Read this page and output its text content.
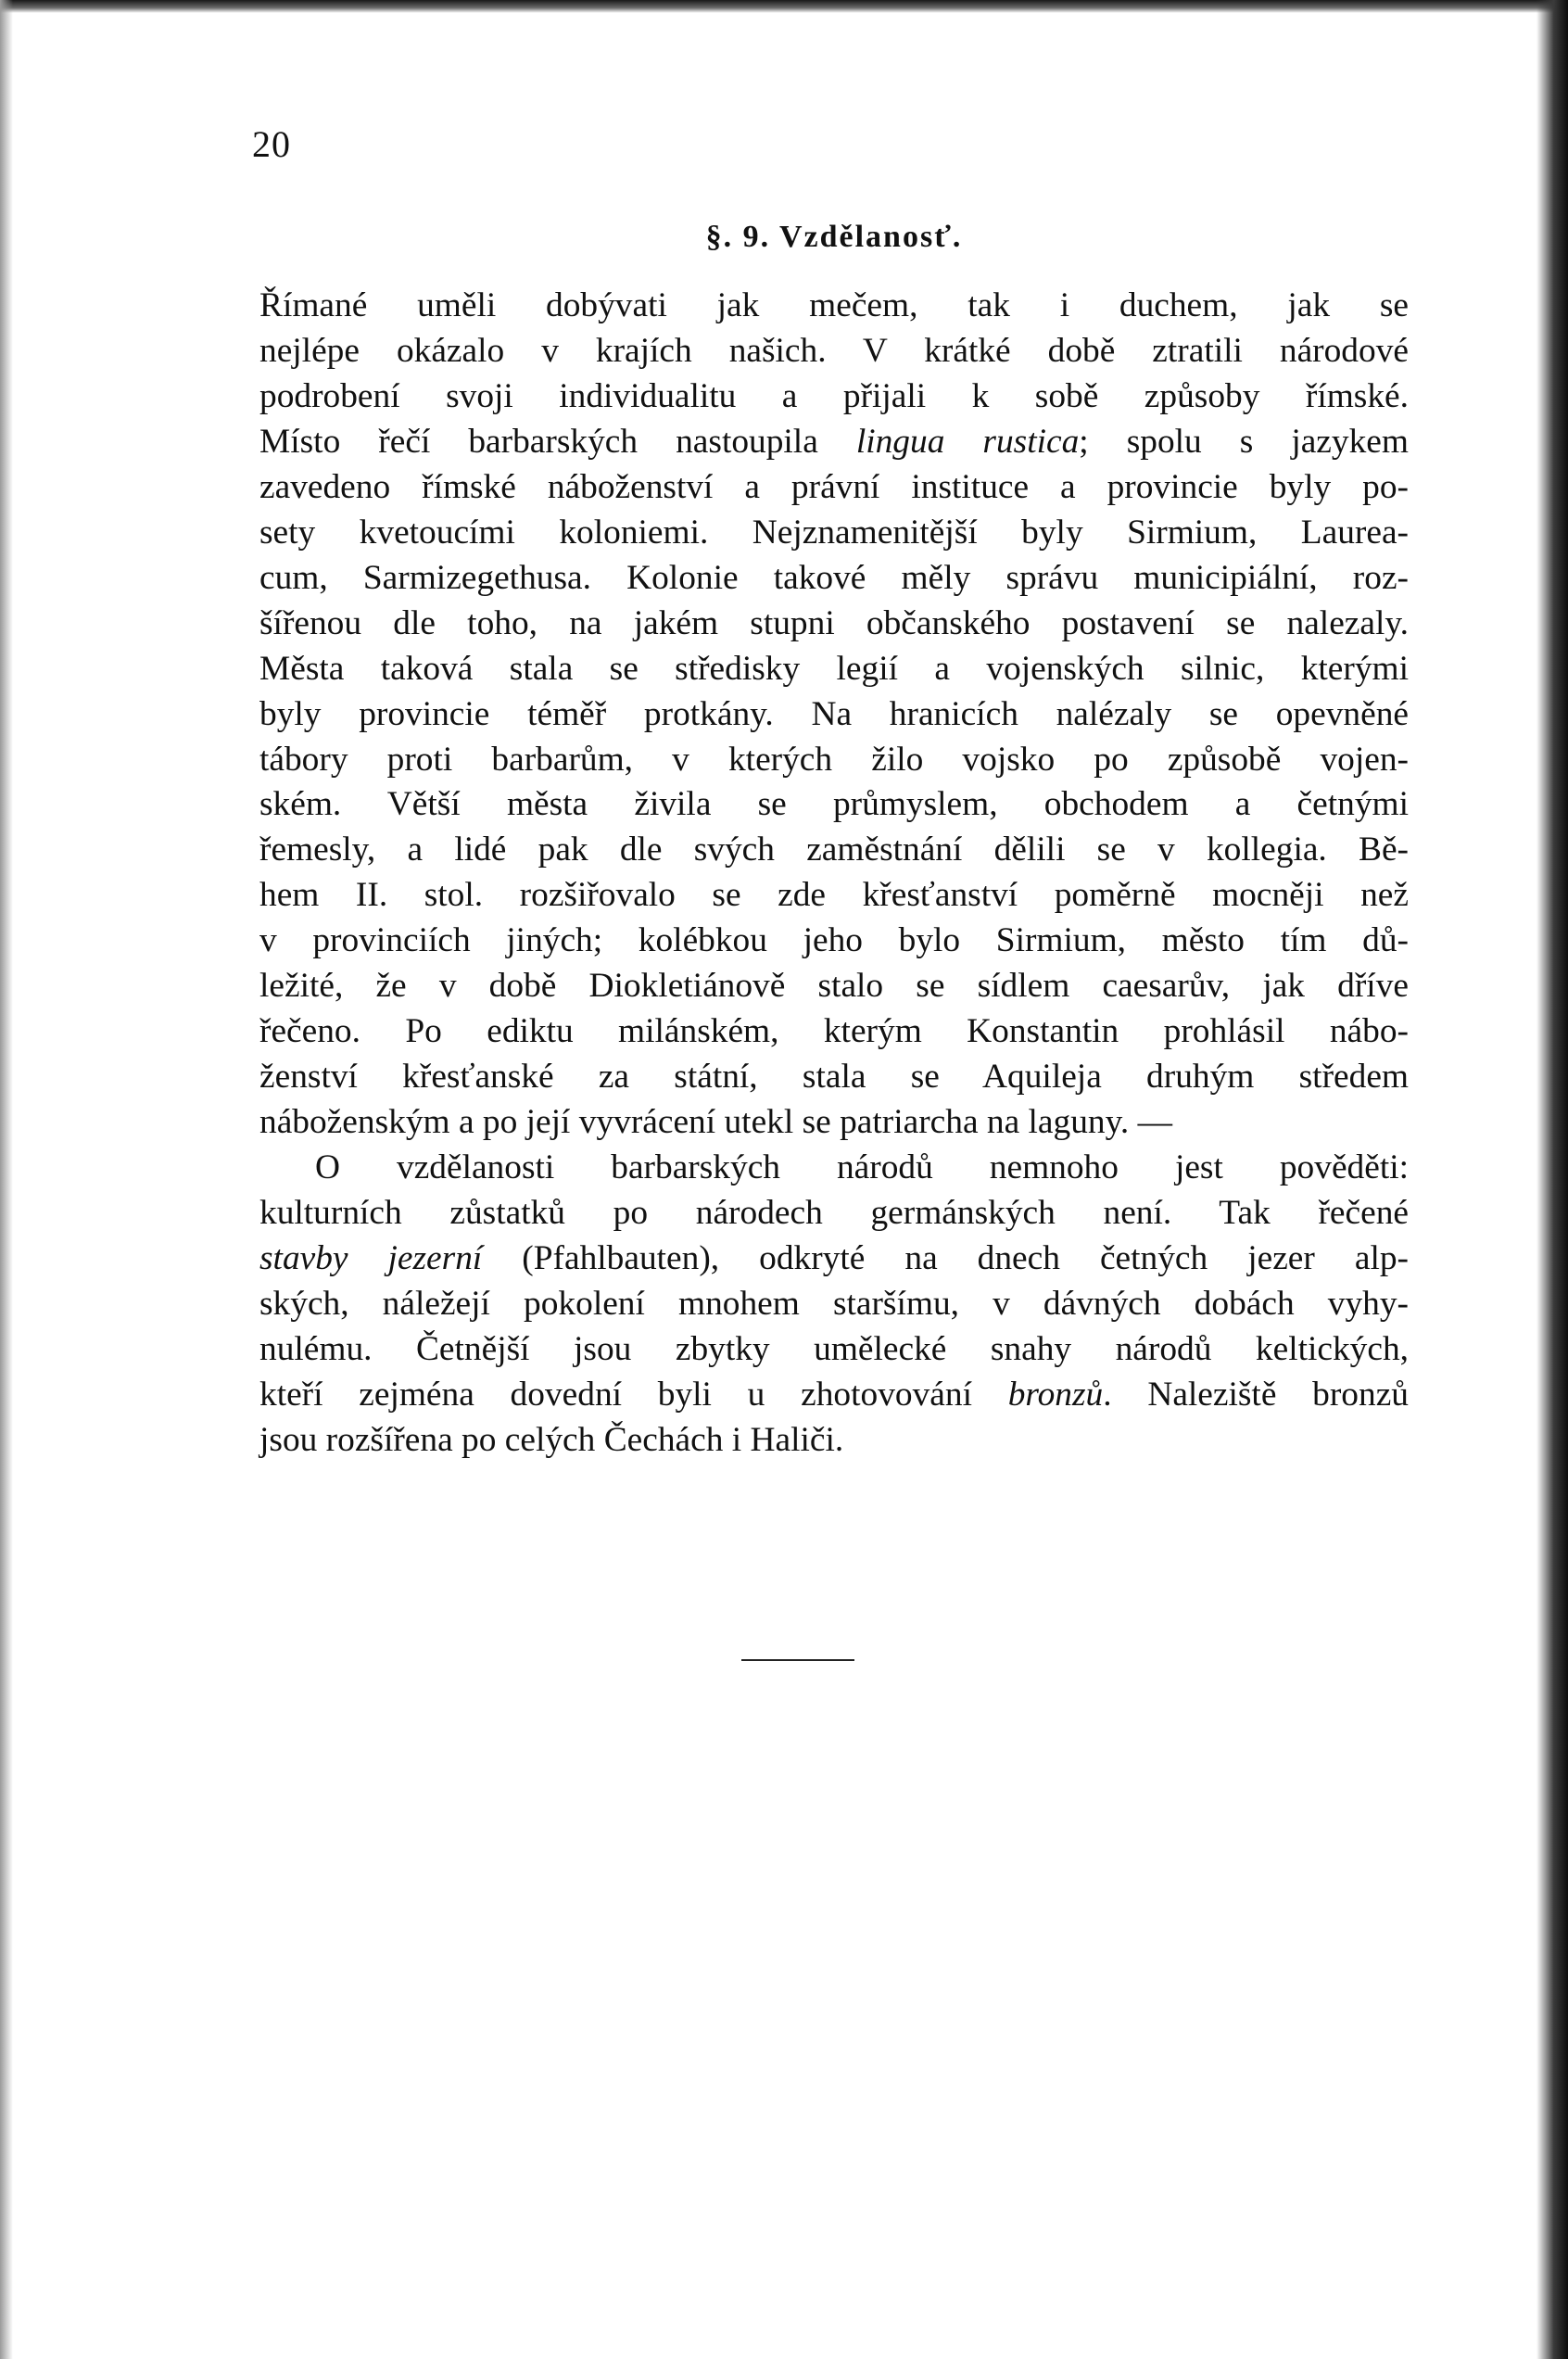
20
§. 9. Vzdělanosť.
Římané uměli dobývati jak mečem, tak i duchem, jak se
nejlépe okázalo v krajích našich. V krátké době ztratili národové
podrobení svoji individualitu a přijali k sobě způsoby římské.
Místo řečí barbarských nastoupila lingua rustica; spolu s jazykem
zavedeno římské náboženství a právní instituce a provincie byly po-
sety kvetoucími koloniemi. Nejznamenitější byly Sirmium, Laurea-
cum, Sarmizegethusa. Kolonie takové měly správu municipiální, roz-
šířenou dle toho, na jakém stupni občanského postavení se nalezaly.
Města taková stala se středisky legií a vojenských silnic, kterými
byly provincie téměř protkány. Na hranicích nalézaly se opevněné
tábory proti barbarům, v kterých žilo vojsko po způsobě vojen-
ském. Větší města živila se průmyslem, obchodem a četnými
řemesly, a lidé pak dle svých zaměstnání dělili se v kollegia. Bě-
hem II. stol. rozšiřovalo se zde křesťanství poměrně mocněji než
v provinciích jiných; kolébkou jeho bylo Sirmium, město tím dů-
ležité, že v době Diokletiánově stalo se sídlem caesarův, jak dříve
řečeno. Po ediktu milánském, kterým Konstantin prohlásil nábo-
ženství křesťanské za státní, stala se Aquileja druhým středem
náboženským a po její vyvrácení utekl se patriarcha na laguny. —
O vzdělanosti barbarských národů nemnoho jest pověděti:
kulturních zůstatků po národech germánských není. Tak řečené
stavby jezerní (Pfahlbauten), odkryté na dnech četných jezer alp-
ských, náležejí pokolení mnohem staršímu, v dávných dobách vyhy-
nulému. Četnější jsou zbytky umělecké snahy národů keltických,
kteří zejména dovední byli u zhotovování bronzů. Naleziště bronzů
jsou rozšířena po celých Čechách i Haliči.
